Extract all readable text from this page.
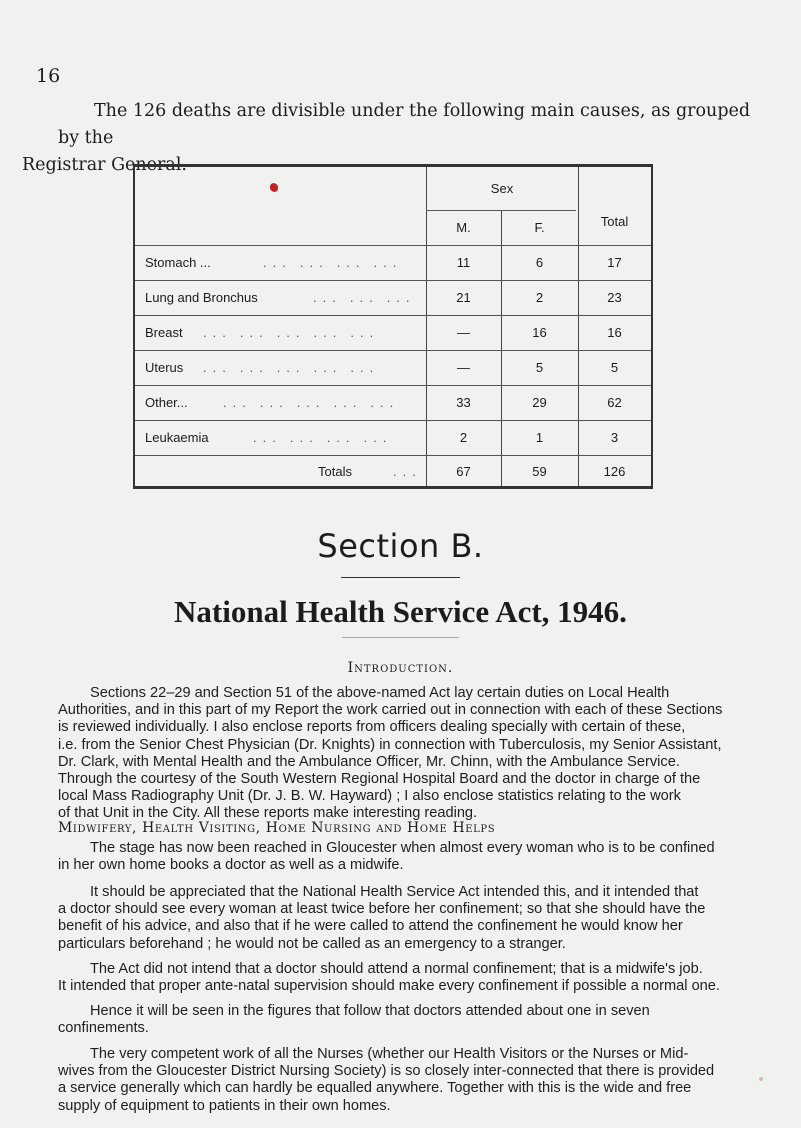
16
The 126 deaths are divisible under the following main causes, as grouped by the
Registrar General.
Sex
M.	F.	Total
Stomach ...	... ... ... ...	11	6	17
Lung and Bronchus	... ... ...	21	2	23
Breast	... ... ... ... ...	—	16	16
Uterus	... ... ... ... ...	—	5	5
Other...	... ... ... ... ...	33	29	62
Leukaemia	2	1	3
Totals	67	59	126
... ... ... ...
...
Section B.
National Health Service Act, 1946.
Introduction.
Sections 22–29 and Section 51 of the above-named Act lay certain duties on Local Health
Authorities, and in this part of my Report the work carried out in connection with each of these Sections
is reviewed individually. I also enclose reports from officers dealing specially with certain of these,
i.e. from the Senior Chest Physician (Dr. Knights) in connection with Tuberculosis, my Senior Assistant,
Dr. Clark, with Mental Health and the Ambulance Officer, Mr. Chinn, with the Ambulance Service.
Through the courtesy of the South Western Regional Hospital Board and the doctor in charge of the
local Mass Radiography Unit (Dr. J. B. W. Hayward) ; I also enclose statistics relating to the work
of that Unit in the City. All these reports make interesting reading.
Midwifery, Health Visiting, Home Nursing and Home Helps
The stage has now been reached in Gloucester when almost every woman who is to be confined
in her own home books a doctor as well as a midwife.
It should be appreciated that the National Health Service Act intended this, and it intended that
a doctor should see every woman at least twice before her confinement; so that she should have the
benefit of his advice, and also that if he were called to attend the confinement he would know her
particulars beforehand ; he would not be called as an emergency to a stranger.
The Act did not intend that a doctor should attend a normal confinement; that is a midwife's job.
It intended that proper ante-natal supervision should make every confinement if possible a normal one.
Hence it will be seen in the figures that follow that doctors attended about one in seven
confinements.
The very competent work of all the Nurses (whether our Health Visitors or the Nurses or Mid-
wives from the Gloucester District Nursing Society) is so closely inter-connected that there is provided
a service generally which can hardly be equalled anywhere. Together with this is the wide and free
supply of equipment to patients in their own homes.
